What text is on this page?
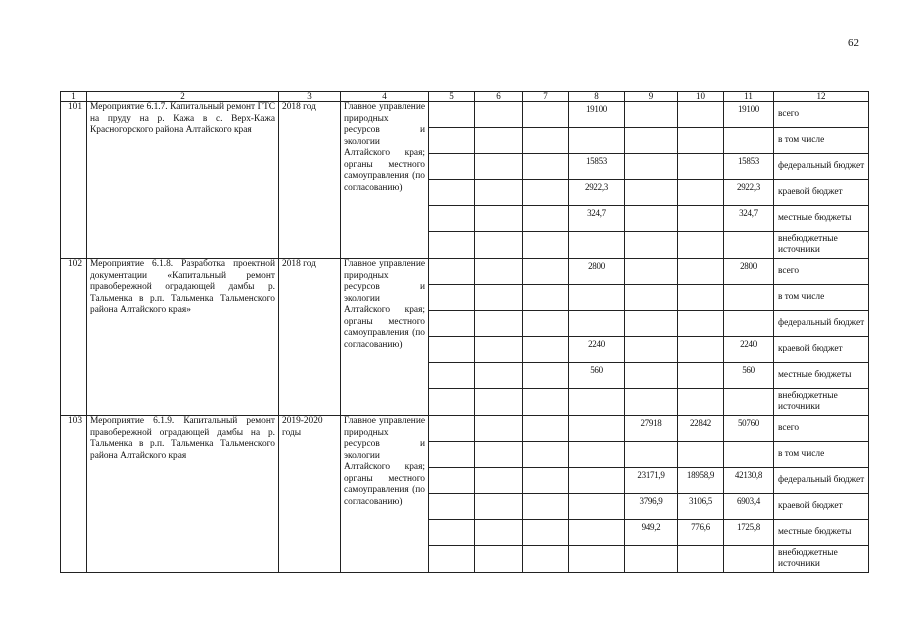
62
1	2	3	4	5	6	7	8	9	10	11	12
101	Мероприятие 6.1.7. Капитальный ремонт ГТС на пруду на р. Кажа в с. Верх-Кажа Красногорского района Алтайского края	2018 год	Главное управление природных ресурсов и экологии Алтайского края; органы местного самоуправления (по согласованию)				19100			19100	всего
											в том числе
							15853			15853	федеральный бюджет
							2922,3			2922,3	краевой бюджет
							324,7			324,7	местные бюджеты
											внебюджетные источники
102	Мероприятие 6.1.8. Разработка проектной документации «Капитальный ремонт правобережной оградающей дамбы р. Тальменка в р.п. Тальменка Тальменского района Алтайского края»	2018 год	Главное управление природных ресурсов и экологии Алтайского края; органы местного самоуправления (по согласованию)				2800			2800	всего
											в том числе
											федеральный бюджет
							2240			2240	краевой бюджет
							560			560	местные бюджеты
											внебюджетные источники
103	Мероприятие 6.1.9. Капитальный ремонт правобережной оградающей дамбы на р. Тальменка в р.п. Тальменка Тальменского района Алтайского края	2019-2020 годы	Главное управление природных ресурсов и экологии Алтайского края; органы местного самоуправления (по согласованию)					27918	22842	50760	всего
											в том числе
								23171,9	18958,9	42130,8	федеральный бюджет
								3796,9	3106,5	6903,4	краевой бюджет
								949,2	776,6	1725,8	местные бюджеты
											внебюджетные источники
